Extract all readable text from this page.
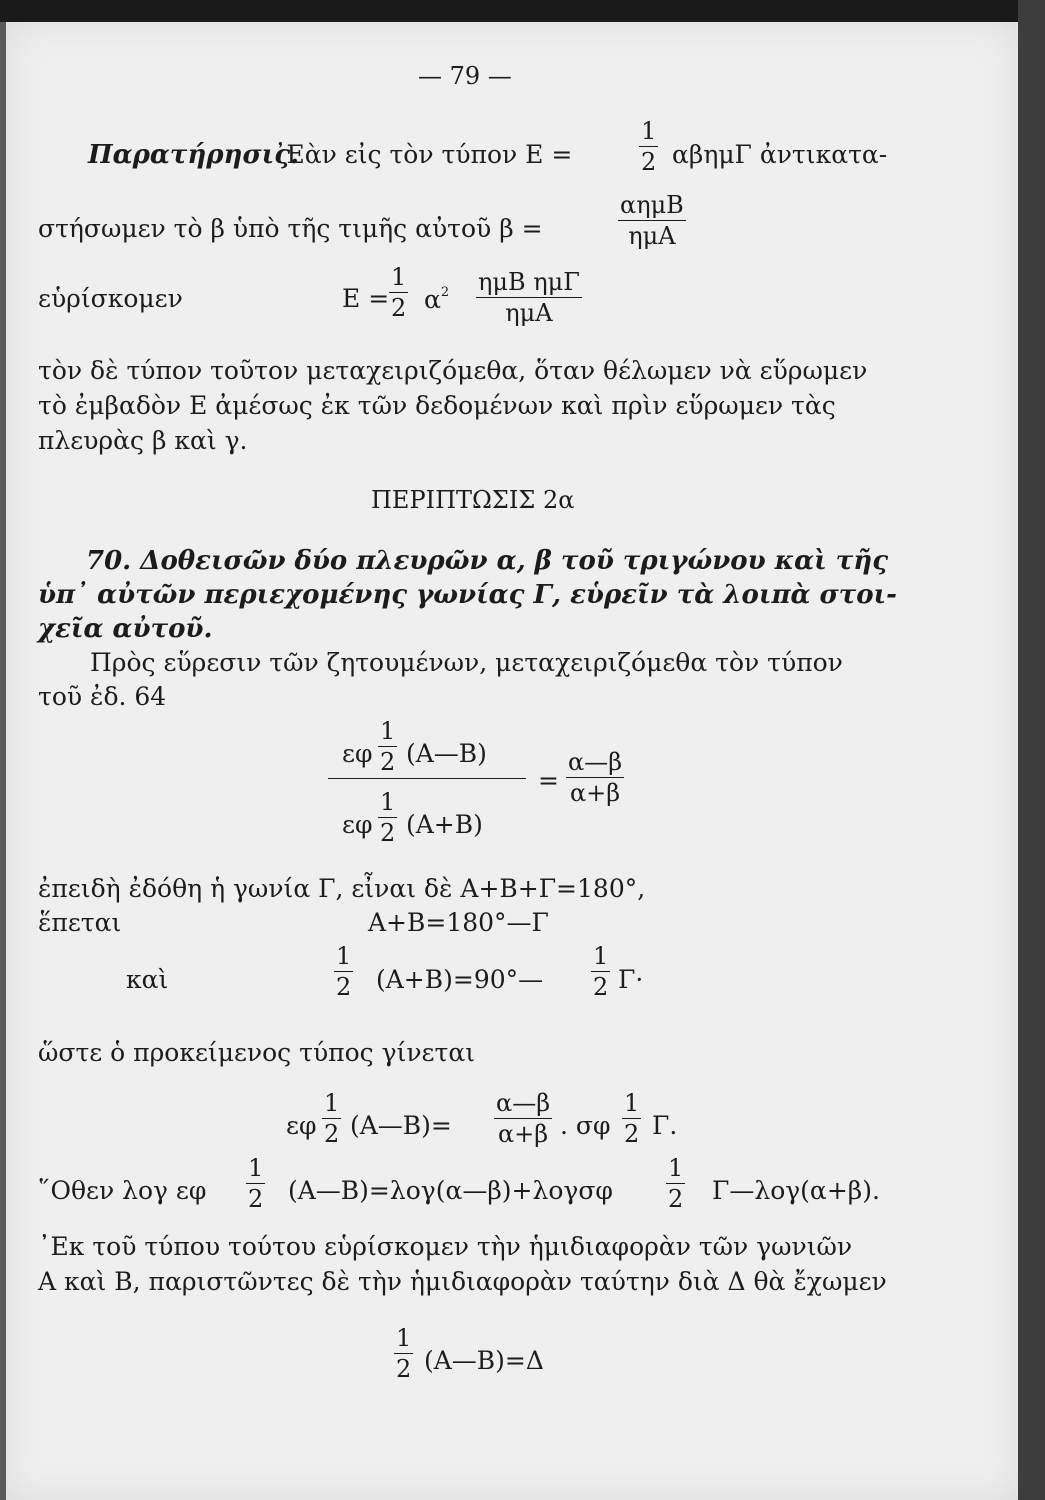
— 79 —
Παρατήρησις.
᾿Εὰν εἰς τὸν τύπον Ε =	$\frac{1}{2}$ αβημΓ ἀντικατα-
στήσωμεν τὸ β ὑπὸ τῆς τιμῆς αὐτοῦ β =
αημΒ
ημΑ
εὑρίσκομεν	$E = \frac{1}{2} \alpha^2$ ημΒ ημΓ
ημΑ
τὸν δὲ τύπον τοῦτον μεταχειριζόμεθα, ὅταν θέλωμεν νὰ εὕρωμεν
τὸ ἐμβαδὸν Ε ἀμέσως ἐκ τῶν δεδομένων καὶ πρὶν εὕρωμεν τὰς
πλευρὰς β καὶ γ.
ΠΕΡΙΠΤΩΣΙΣ 2α
70. Δοθεισῶν δύο πλευρῶν α, β τοῦ τριγώνου καὶ τῆς
ὑπ᾿ αὐτῶν περιεχομένης γωνίας Γ, εὑρεῖν τὰ λοιπὰ στοι-
χεῖα αὐτοῦ.
Πρὸς εὕρεσιν τῶν ζητουμένων, μεταχειριζόμεθα τὸν τύπον
τοῦ ἐδ. 64
εφ $\frac{1}{2}$ (Α—Β)
εφ $\frac{1}{2} (A+B)$
= $\frac{\alpha—\beta}{\alpha+\beta}$
ἐπειδὴ ἐδόθη ἡ γωνία Γ, εἶναι δὲ Α+Β+Γ=180°,
ἕπεται	Α+Β=180°—Γ
καὶ	$\frac{1}{2}$ (Α+Β)=90°— $\frac{1}{2} \Gamma\cdot$
ὥστε ὁ προκείμενος τύπος γίνεται
εφ $\frac{1}{2}$ (Α—Β)= $\frac{\alpha—\beta}{\alpha+\beta}$ . σφ $\frac{1}{2} \Gamma$.
῞Οθεν λογ εφ $\frac{1}{2}$ (Α—Β)=λογ(α—β)+λογσφ $\frac{1}{2}$ Γ—λογ(α+β).
᾿Εκ τοῦ τύπου τούτου εὑρίσκομεν τὴν ἡμιδιαφορὰν τῶν γωνιῶν
Α καὶ Β, παριστῶντες δὲ τὴν ἡμιδιαφορὰν ταύτην διὰ Δ θὰ ἔχωμεν
$\frac{1}{2}$ (Α—Β)=Δ
